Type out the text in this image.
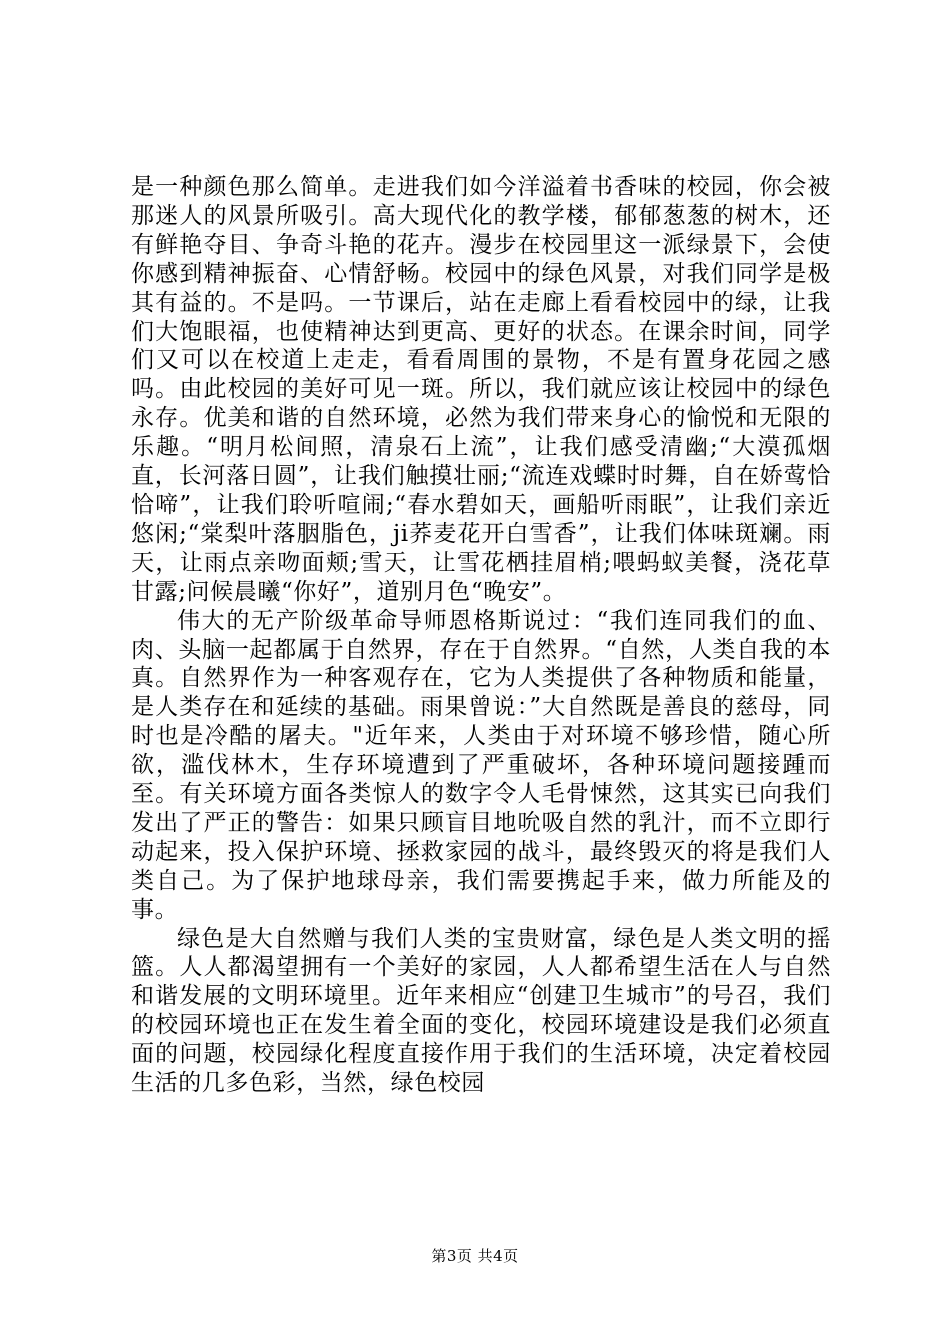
是一种颜色那么简单。走进我们如今洋溢着书香味的校园，你会被那迷人的风景所吸引。高大现代化的教学楼，郁郁葱葱的树木，还有鲜艳夺目、争奇斗艳的花卉。漫步在校园里这一派绿景下，会使你感到精神振奋、心情舒畅。校园中的绿色风景，对我们同学是极其有益的。不是吗。一节课后，站在走廊上看看校园中的绿，让我们大饱眼福，也使精神达到更高、更好的状态。在课余时间，同学们又可以在校道上走走，看看周围的景物，不是有置身花园之感吗。由此校园的美好可见一斑。所以，我们就应该让校园中的绿色永存。优美和谐的自然环境，必然为我们带来身心的愉悦和无限的乐趣。“明月松间照，清泉石上流”，让我们感受清幽;“大漠孤烟直，长河落日圆”，让我们触摸壮丽;“流连戏蝶时时舞，自在娇莺恰恰啼”，让我们聆听喧闹;“春水碧如天，画船听雨眠”，让我们亲近悠闲;“棠梨叶落胭脂色，ji荞麦花开白雪香”，让我们体味斑斓。雨天，让雨点亲吻面颊;雪天，让雪花栖挂眉梢;喂蚂蚁美餐，浇花草甘露;问候晨曦“你好”，道别月色“晚安”。

伟大的无产阶级革命导师恩格斯说过：“我们连同我们的血、肉、头脑一起都属于自然界，存在于自然界。“自然，人类自我的本真。自然界作为一种客观存在，它为人类提供了各种物质和能量，是人类存在和延续的基础。雨果曾说：”大自然既是善良的慈母，同时也是冷酷的屠夫。"近年来，人类由于对环境不够珍惜，随心所欲，滥伐林木，生存环境遭到了严重破坏，各种环境问题接踵而至。有关环境方面各类惊人的数字令人毛骨悚然，这其实已向我们发出了严正的警告：如果只顾盲目地吮吸自然的乳汁，而不立即行动起来，投入保护环境、拯救家园的战斗，最终毁灭的将是我们人类自己。为了保护地球母亲，我们需要携起手来，做力所能及的事。

绿色是大自然赠与我们人类的宝贵财富，绿色是人类文明的摇篮。人人都渴望拥有一个美好的家园，人人都希望生活在人与自然和谐发展的文明环境里。近年来相应“创建卫生城市”的号召，我们的校园环境也正在发生着全面的变化，校园环境建设是我们必须直面的问题，校园绿化程度直接作用于我们的生活环境，决定着校园生活的几多色彩，当然，绿色校园

第3页 共4页
